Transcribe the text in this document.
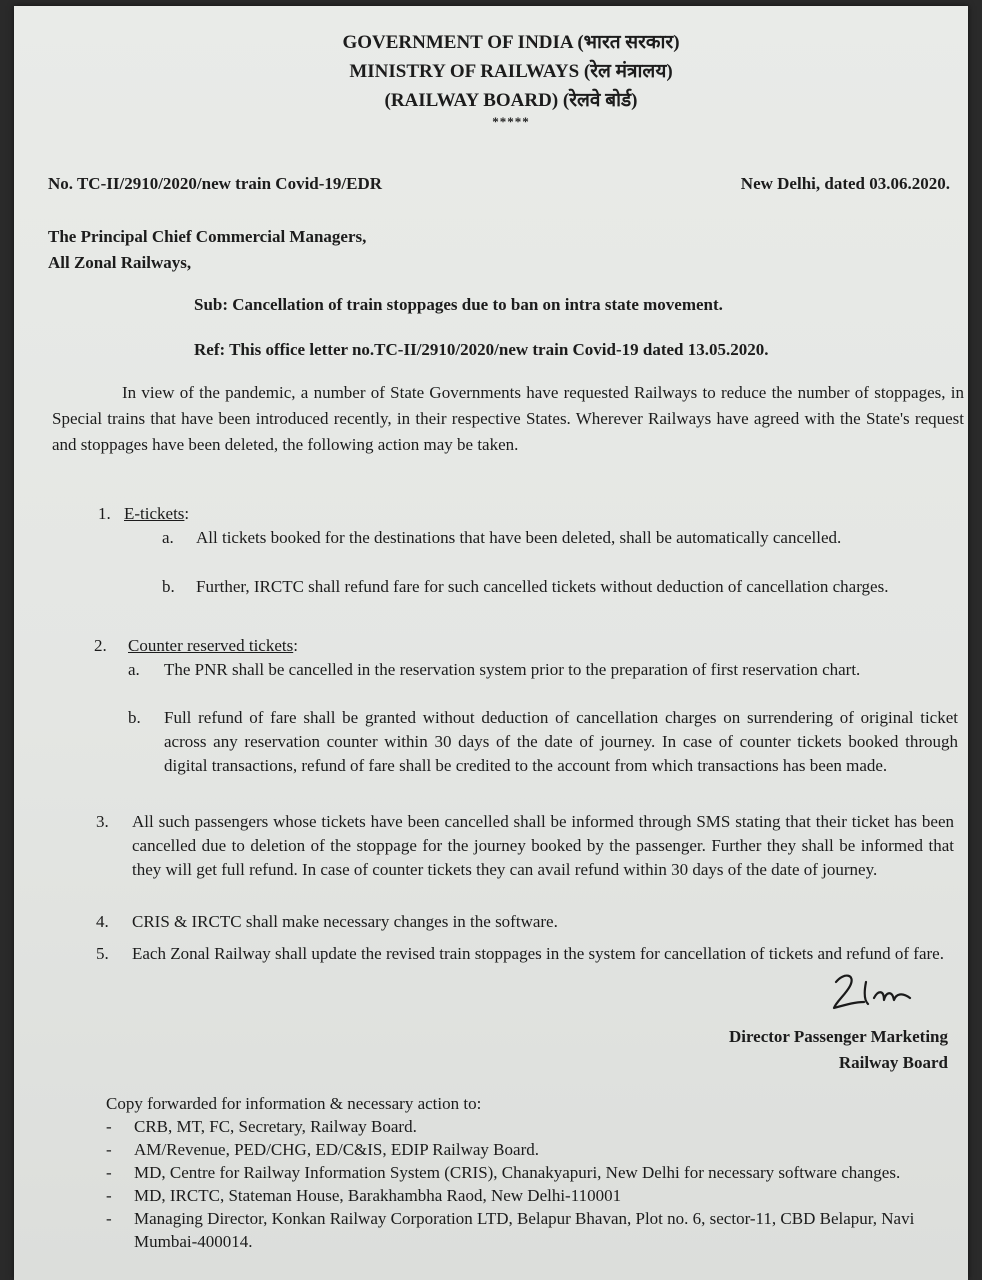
GOVERNMENT OF INDIA (भारत सरकार)
MINISTRY OF RAILWAYS (रेल मंत्रालय)
(RAILWAY BOARD) (रेलवे बोर्ड)
*****
No. TC-II/2910/2020/new train Covid-19/EDR	New Delhi, dated 03.06.2020.
The Principal Chief Commercial Managers,
All Zonal Railways,
Sub: Cancellation of train stoppages due to ban on intra state movement.
Ref: This office letter no.TC-II/2910/2020/new train Covid-19 dated 13.05.2020.
In view of the pandemic, a number of State Governments have requested Railways to reduce the number of stoppages, in Special trains that have been introduced recently, in their respective States. Wherever Railways have agreed with the State's request and stoppages have been deleted, the following action may be taken.
1. E-tickets:
a. All tickets booked for the destinations that have been deleted, shall be automatically cancelled.
b. Further, IRCTC shall refund fare for such cancelled tickets without deduction of cancellation charges.
2. Counter reserved tickets:
a. The PNR shall be cancelled in the reservation system prior to the preparation of first reservation chart.
b. Full refund of fare shall be granted without deduction of cancellation charges on surrendering of original ticket across any reservation counter within 30 days of the date of journey. In case of counter tickets booked through digital transactions, refund of fare shall be credited to the account from which transactions has been made.
3. All such passengers whose tickets have been cancelled shall be informed through SMS stating that their ticket has been cancelled due to deletion of the stoppage for the journey booked by the passenger. Further they shall be informed that they will get full refund. In case of counter tickets they can avail refund within 30 days of the date of journey.
4. CRIS & IRCTC shall make necessary changes in the software.
5. Each Zonal Railway shall update the revised train stoppages in the system for cancellation of tickets and refund of fare.
Director Passenger Marketing
Railway Board
Copy forwarded for information & necessary action to:
- CRB, MT, FC, Secretary, Railway Board.
- AM/Revenue, PED/CHG, ED/C&IS, EDIP Railway Board.
- MD, Centre for Railway Information System (CRIS), Chanakyapuri, New Delhi for necessary software changes.
- MD, IRCTC, Stateman House, Barakhambha Raod, New Delhi-110001
- Managing Director, Konkan Railway Corporation LTD, Belapur Bhavan, Plot no. 6, sector-11, CBD Belapur, Navi Mumbai-400014.
